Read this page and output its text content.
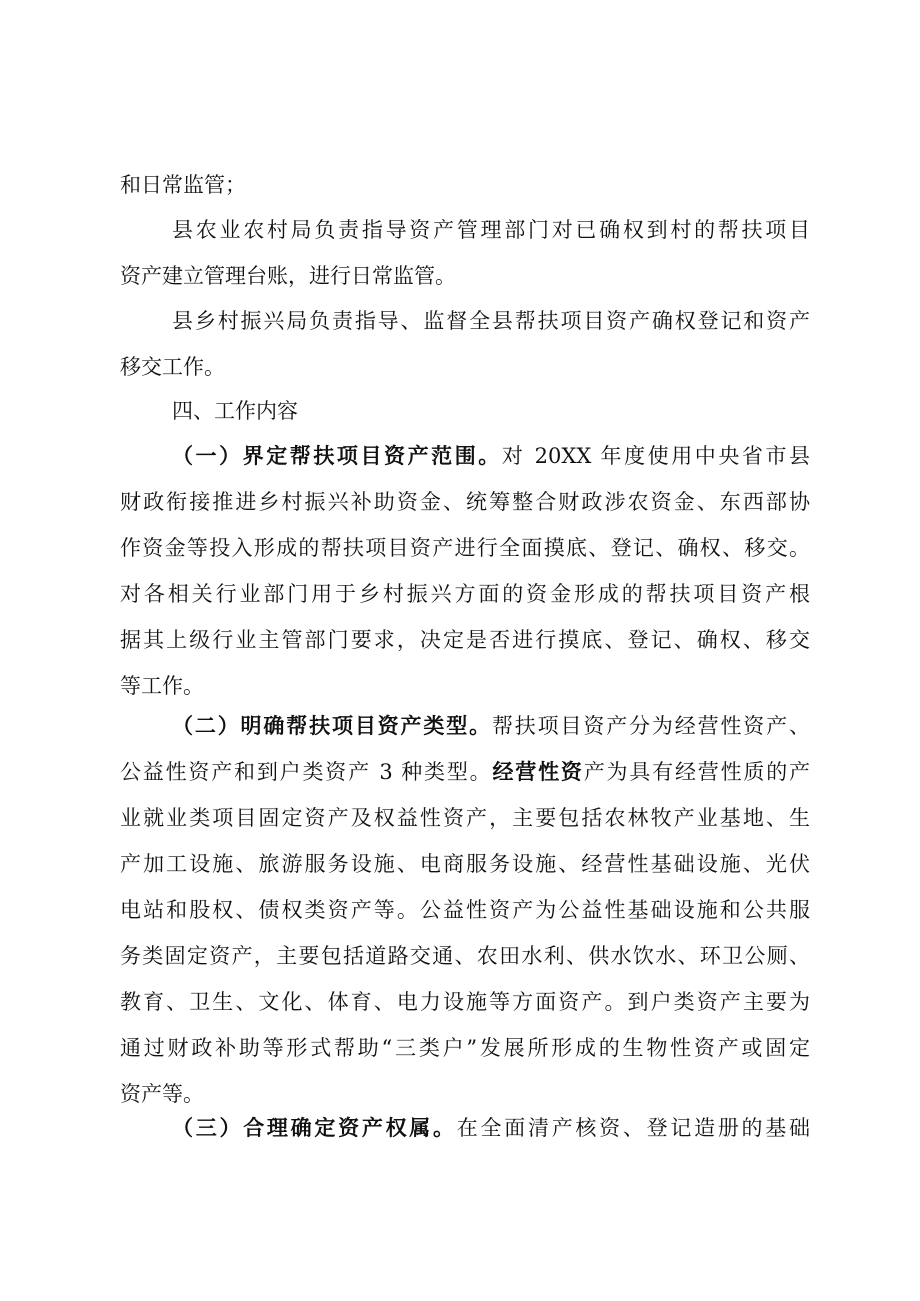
和日常监管；
县农业农村局负责指导资产管理部门对已确权到村的帮扶项目
资产建立管理台账，进行日常监管。
县乡村振兴局负责指导、监督全县帮扶项目资产确权登记和资产
移交工作。
四、工作内容
（一）界定帮扶项目资产范围。对 20XX 年度使用中央省市县
财政衔接推进乡村振兴补助资金、统筹整合财政涉农资金、东西部协
作资金等投入形成的帮扶项目资产进行全面摸底、登记、确权、移交。
对各相关行业部门用于乡村振兴方面的资金形成的帮扶项目资产根
据其上级行业主管部门要求，决定是否进行摸底、登记、确权、移交
等工作。
（二）明确帮扶项目资产类型。帮扶项目资产分为经营性资产、
公益性资产和到户类资产 3 种类型。经营性资产为具有经营性质的产
业就业类项目固定资产及权益性资产，主要包括农林牧产业基地、生
产加工设施、旅游服务设施、电商服务设施、经营性基础设施、光伏
电站和股权、债权类资产等。公益性资产为公益性基础设施和公共服
务类固定资产，主要包括道路交通、农田水利、供水饮水、环卫公厕、
教育、卫生、文化、体育、电力设施等方面资产。到户类资产主要为
通过财政补助等形式帮助“三类户”发展所形成的生物性资产或固定
资产等。
（三）合理确定资产权属。在全面清产核资、登记造册的基础
